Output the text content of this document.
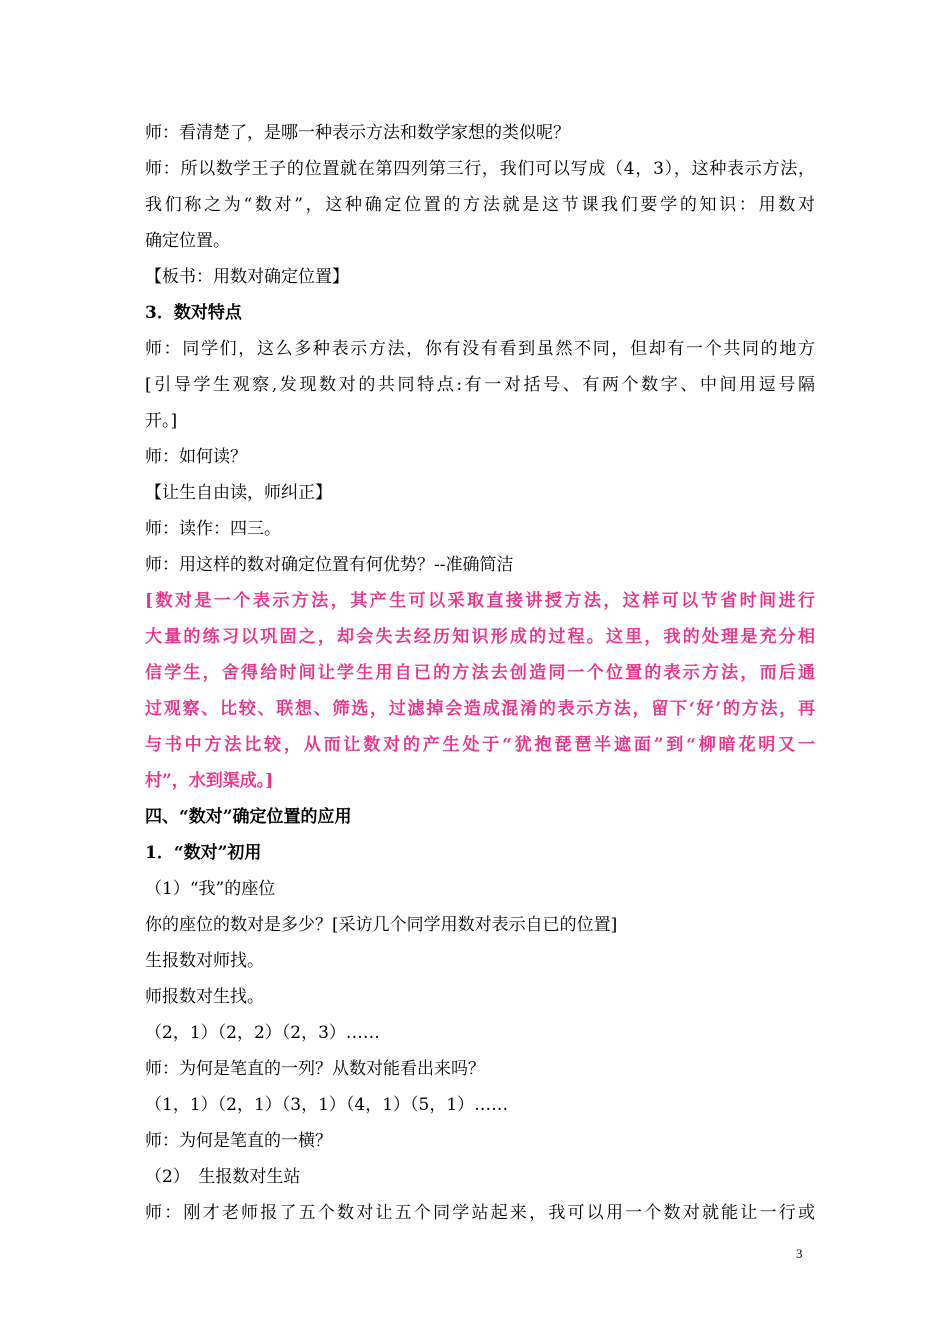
师：看清楚了，是哪一种表示方法和数学家想的类似呢？
师：所以数学王子的位置就在第四列第三行，我们可以写成（4，3），这种表示方法，
我们称之为“数对”，这种确定位置的方法就是这节课我们要学的知识：用数对
确定位置。
【板书：用数对确定位置】
3．数对特点
师：同学们，这么多种表示方法，你有没有看到虽然不同，但却有一个共同的地方
[引导学生观察,发现数对的共同特点:有一对括号、有两个数字、中间用逗号隔
开。]
师：如何读？
【让生自由读，师纠正】
师：读作：四三。
师：用这样的数对确定位置有何优势？--准确简洁
[数对是一个表示方法，其产生可以采取直接讲授方法，这样可以节省时间进行
大量的练习以巩固之，却会失去经历知识形成的过程。这里，我的处理是充分相
信学生，舍得给时间让学生用自已的方法去创造同一个位置的表示方法，而后通
过观察、比较、联想、筛选，过滤掉会造成混淆的表示方法，留下‘好’的方法，再
与书中方法比较，从而让数对的产生处于“犹抱琵琶半遮面”到“柳暗花明又一
村”，水到渠成。]
四、“数对”确定位置的应用
1．“数对”初用
（1）“我”的座位
你的座位的数对是多少？[采访几个同学用数对表示自已的位置]
生报数对师找。
师报数对生找。
（2，1）（2，2）（2，3）……
师：为何是笔直的一列？从数对能看出来吗？
（1，1）（2，1）（3，1）（4，1）（5，1）……
师：为何是笔直的一横？
（2）　生报数对生站
师：刚才老师报了五个数对让五个同学站起来，我可以用一个数对就能让一行或
3
